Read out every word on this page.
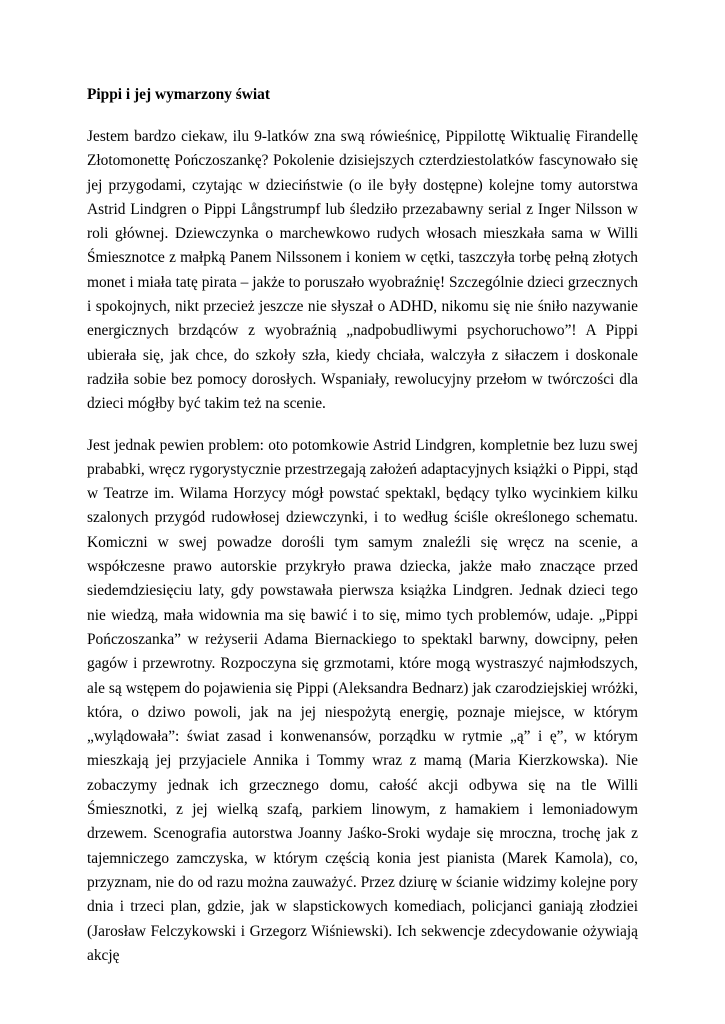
Pippi i jej wymarzony świat

Jestem bardzo ciekaw, ilu 9-latków zna swą rówieśnicę, Pippilottę Wiktualię Firandellę Złotomonettę Pończoszankę? Pokolenie dzisiejszych czterdziestolatków fascynowało się jej przygodami, czytając w dzieciństwie (o ile były dostępne) kolejne tomy autorstwa Astrid Lindgren o Pippi Långstrumpf lub śledziło przezabawny serial z Inger Nilsson w roli głównej. Dziewczynka o marchewkowo rudych włosach mieszkała sama w Willi Śmiesznotce z małpką Panem Nilssonem i koniem w cętki, taszczyła torbę pełną złotych monet i miała tatę pirata – jakże to poruszało wyobraźnię! Szczególnie dzieci grzecznych i spokojnych, nikt przecież jeszcze nie słyszał o ADHD, nikomu się nie śniło nazywanie energicznych brzdąców z wyobraźnią „nadpobudliwymi psychoruchowo”! A Pippi ubierała się, jak chce, do szkoły szła, kiedy chciała, walczyła z siłaczem i doskonale radziła sobie bez pomocy dorosłych. Wspaniały, rewolucyjny przełom w twórczości dla dzieci mógłby być takim też na scenie.

Jest jednak pewien problem: oto potomkowie Astrid Lindgren, kompletnie bez luzu swej prababki, wręcz rygorystycznie przestrzegają założeń adaptacyjnych książki o Pippi, stąd w Teatrze im. Wilama Horzycy mógł powstać spektakl, będący tylko wycinkiem kilku szalonych przygód rudowłosej dziewczynki, i to według ściśle określonego schematu. Komiczni w swej powadze dorośli tym samym znaleźli się wręcz na scenie, a współczesne prawo autorskie przykryło prawa dziecka, jakże mało znaczące przed siedemdziesięciu laty, gdy powstawała pierwsza książka Lindgren. Jednak dzieci tego nie wiedzą, mała widownia ma się bawić i to się, mimo tych problemów, udaje. „Pippi Pończoszanka” w reżyserii Adama Biernackiego to spektakl barwny, dowcipny, pełen gagów i przewrotny. Rozpoczyna się grzmotami, które mogą wystraszyć najmłodszych, ale są wstępem do pojawienia się Pippi (Aleksandra Bednarz) jak czarodziejskiej wróżki, która, o dziwo powoli, jak na jej niespożytą energię, poznaje miejsce, w którym „wylądowała”: świat zasad i konwenansów, porządku w rytmie „ą” i ę”, w którym mieszkają jej przyjaciele Annika i Tommy wraz z mamą (Maria Kierzkowska). Nie zobaczymy jednak ich grzecznego domu, całość akcji odbywa się na tle Willi Śmiesznotki, z jej wielką szafą, parkiem linowym, z hamakiem i lemoniadowym drzewem. Scenografia autorstwa Joanny Jaśko-Sroki wydaje się mroczna, trochę jak z tajemniczego zamczyska, w którym częścią konia jest pianista (Marek Kamola), co, przyznam, nie do od razu można zauważyć. Przez dziurę w ścianie widzimy kolejne pory dnia i trzeci plan, gdzie, jak w slapstickowych komediach, policjanci ganiają złodziei (Jarosław Felczykowski i Grzegorz Wiśniewski). Ich sekwencje zdecydowanie ożywiają akcję
